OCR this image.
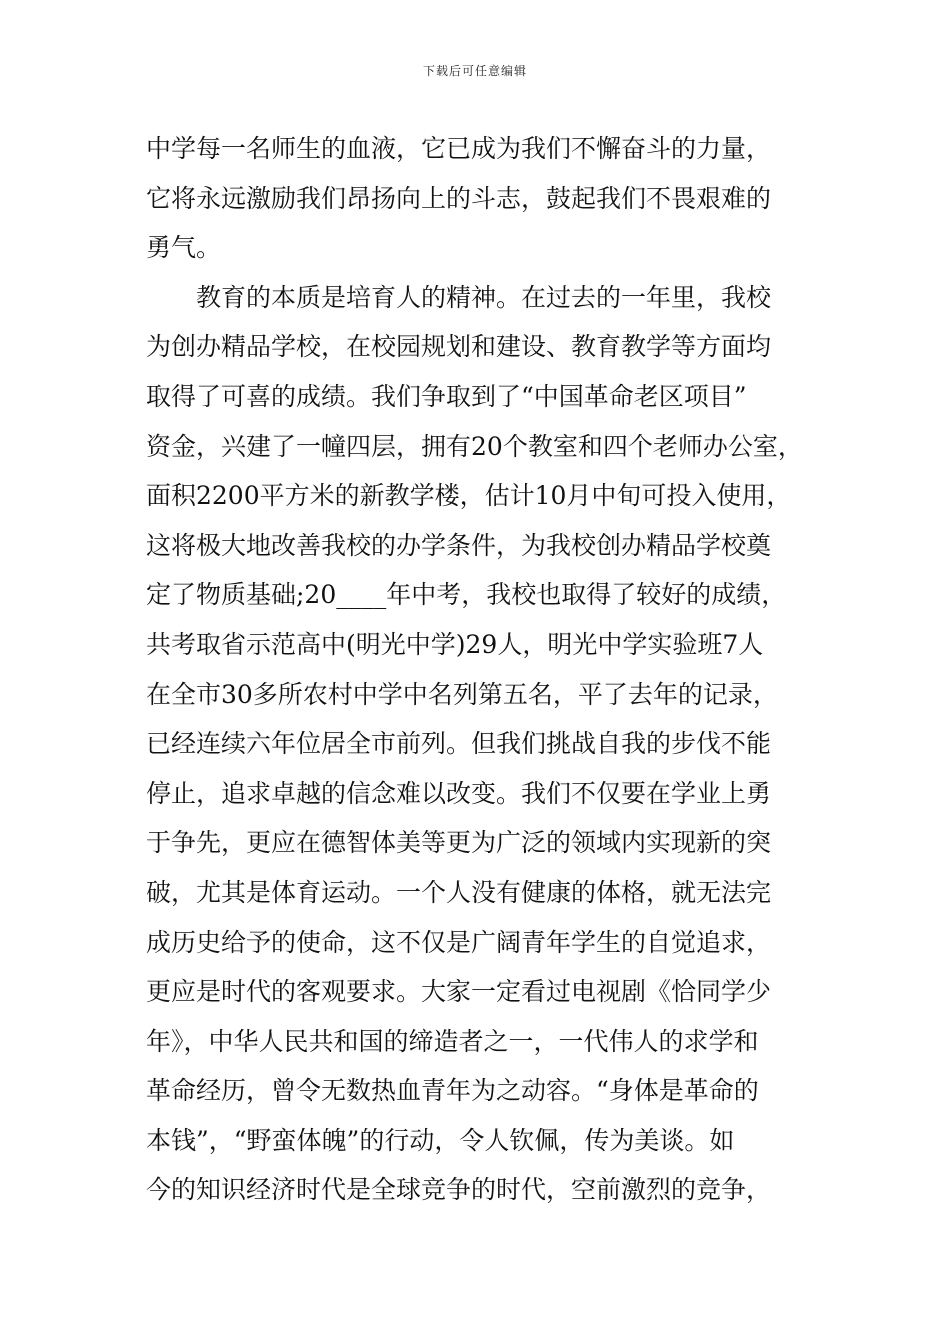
下载后可任意编辑
中学每一名师生的血液，它已成为我们不懈奋斗的力量，
它将永远激励我们昂扬向上的斗志，鼓起我们不畏艰难的
勇气。
教育的本质是培育人的精神。在过去的一年里，我校
为创办精品学校，在校园规划和建设、教育教学等方面均
取得了可喜的成绩。我们争取到了“中国革命老区项目”
资金，兴建了一幢四层，拥有20个教室和四个老师办公室，
面积2200平方米的新教学楼，估计10月中旬可投入使用，
这将极大地改善我校的办学条件，为我校创办精品学校奠
定了物质基础;20____年中考，我校也取得了较好的成绩，
共考取省示范高中(明光中学)29人，明光中学实验班7人
在全市30多所农村中学中名列第五名，平了去年的记录，
已经连续六年位居全市前列。但我们挑战自我的步伐不能
停止，追求卓越的信念难以改变。我们不仅要在学业上勇
于争先，更应在德智体美等更为广泛的领域内实现新的突
破，尤其是体育运动。一个人没有健康的体格，就无法完
成历史给予的使命，这不仅是广阔青年学生的自觉追求，
更应是时代的客观要求。大家一定看过电视剧《恰同学少
年》，中华人民共和国的缔造者之一，一代伟人的求学和
革命经历，曾令无数热血青年为之动容。“身体是革命的
本钱”，“野蛮体魄”的行动，令人钦佩，传为美谈。如
今的知识经济时代是全球竞争的时代，空前激烈的竞争，
